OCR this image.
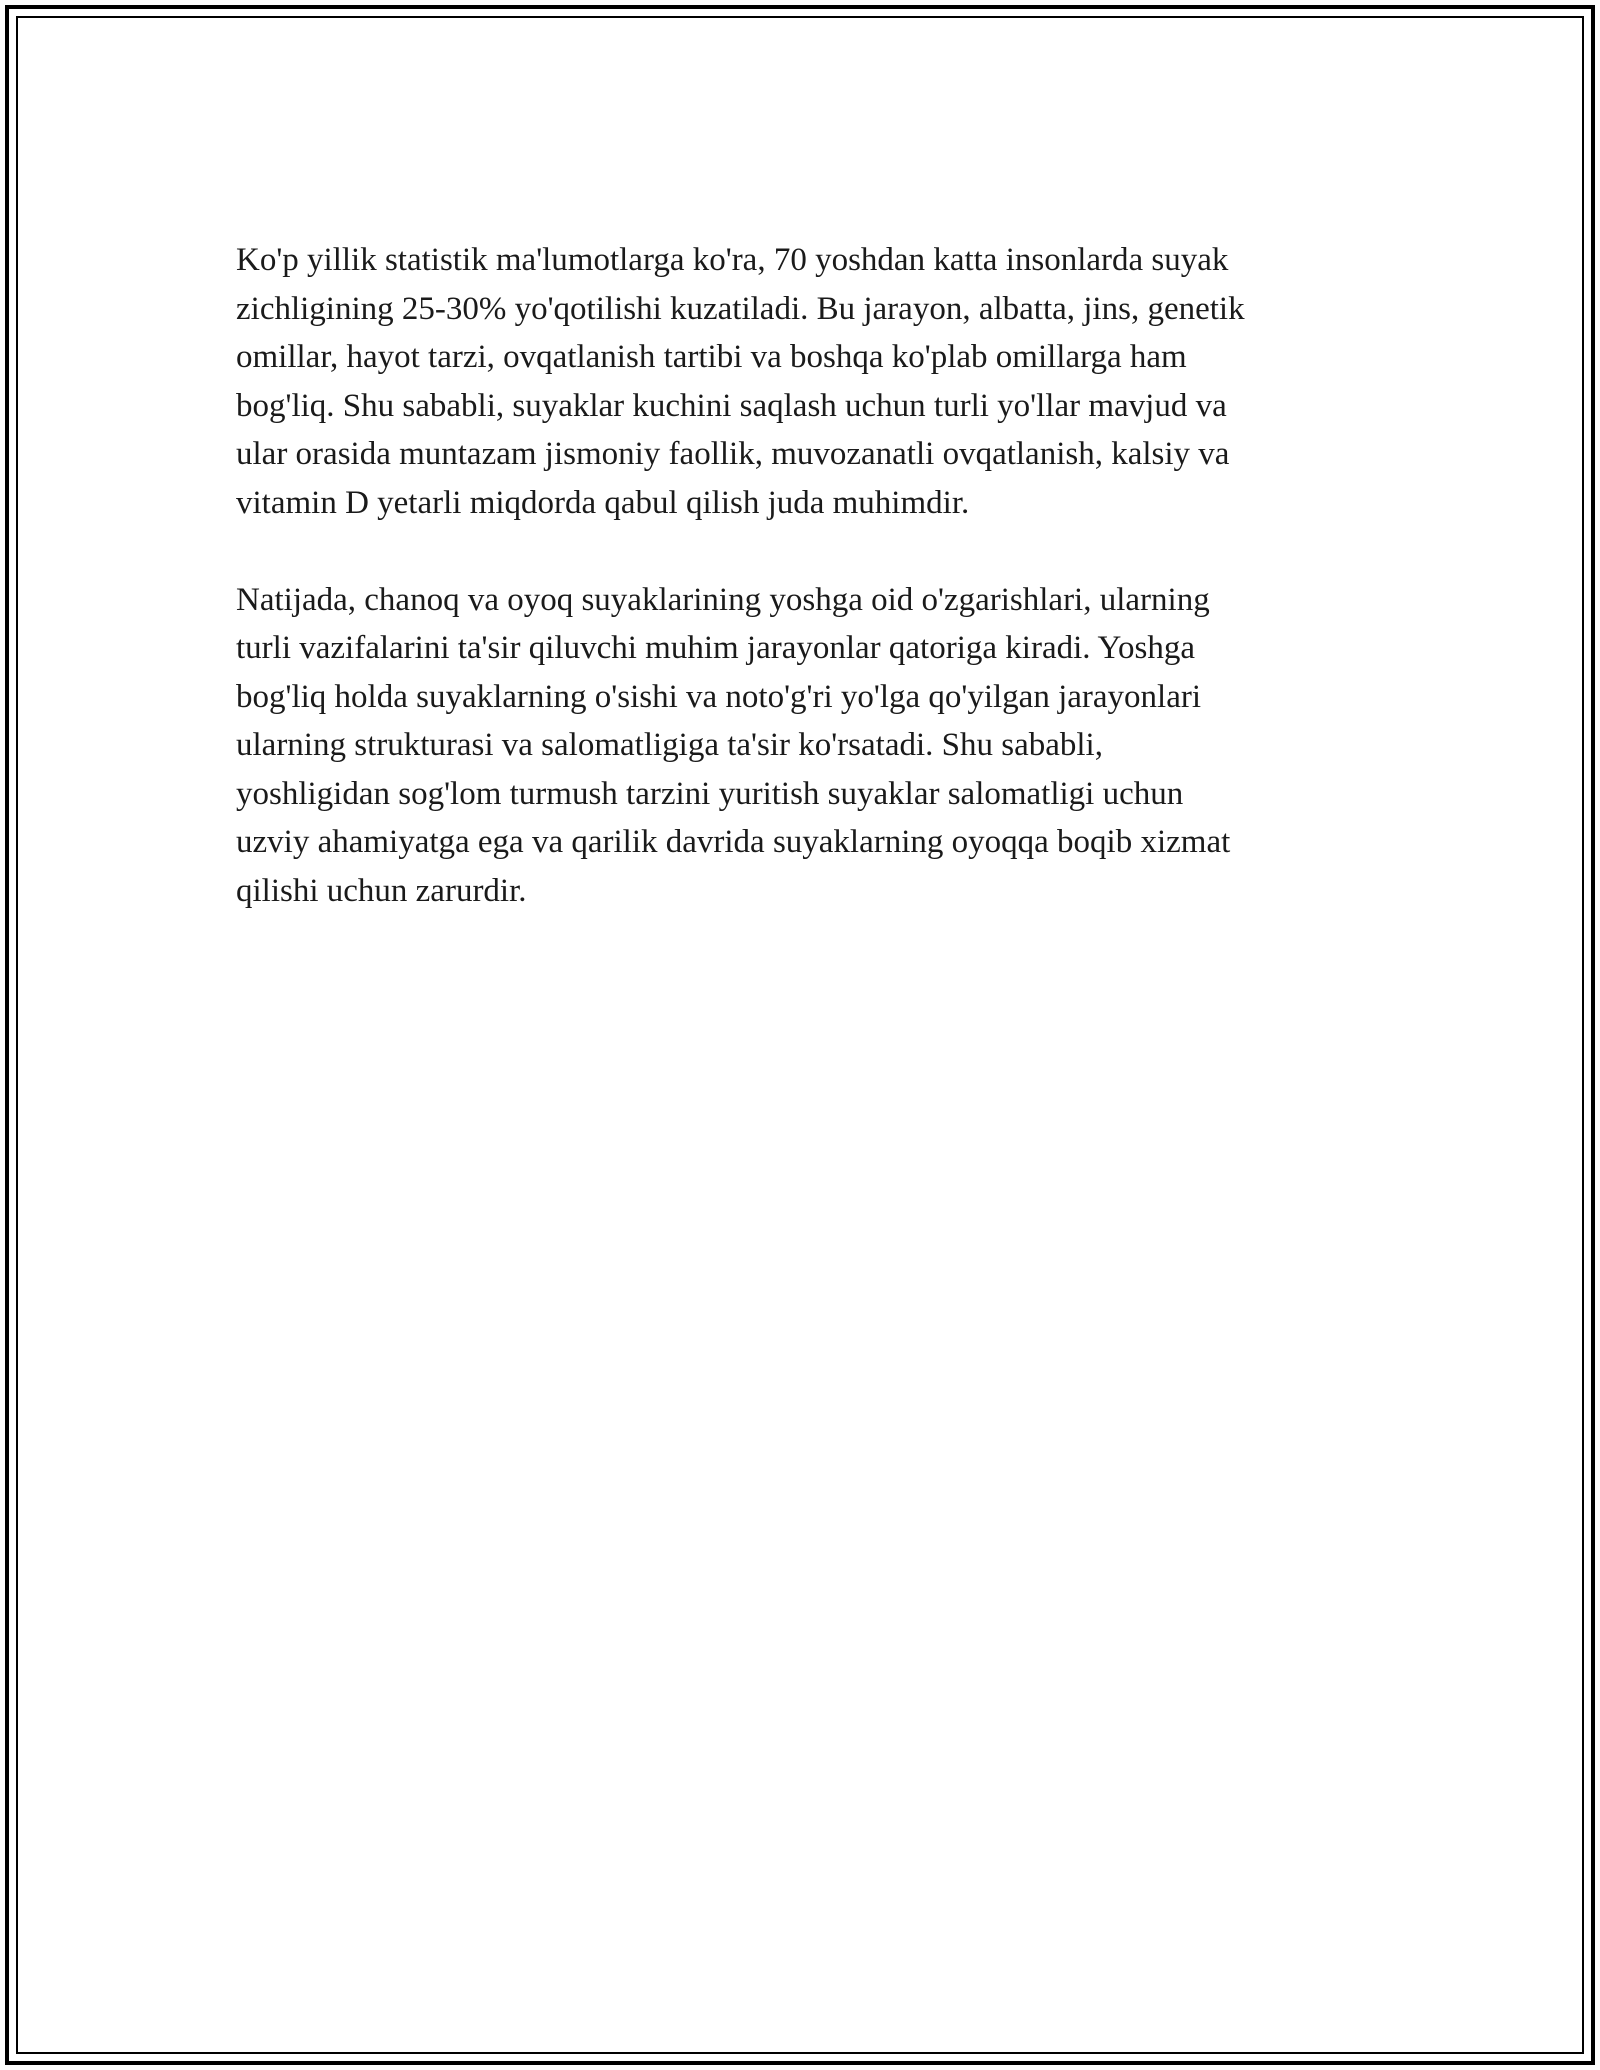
Ko'p yillik statistik ma'lumotlarga ko'ra, 70 yoshdan katta insonlarda suyak
zichligining 25-30% yo'qotilishi kuzatiladi. Bu jarayon, albatta, jins, genetik
omillar, hayot tarzi, ovqatlanish tartibi va boshqa ko'plab omillarga ham
bog'liq. Shu sababli, suyaklar kuchini saqlash uchun turli yo'llar mavjud va
ular orasida muntazam jismoniy faollik, muvozanatli ovqatlanish, kalsiy va
vitamin D yetarli miqdorda qabul qilish juda muhimdir.

Natijada, chanoq va oyoq suyaklarining yoshga oid o'zgarishlari, ularning
turli vazifalarini ta'sir qiluvchi muhim jarayonlar qatoriga kiradi. Yoshga
bog'liq holda suyaklarning o'sishi va noto'g'ri yo'lga qo'yilgan jarayonlari
ularning strukturasi va salomatligiga ta'sir ko'rsatadi. Shu sababli,
yoshligidan sog'lom turmush tarzini yuritish suyaklar salomatligi uchun
uzviy ahamiyatga ega va qarilik davrida suyaklarning oyoqqa boqib xizmat
qilishi uchun zarurdir.
